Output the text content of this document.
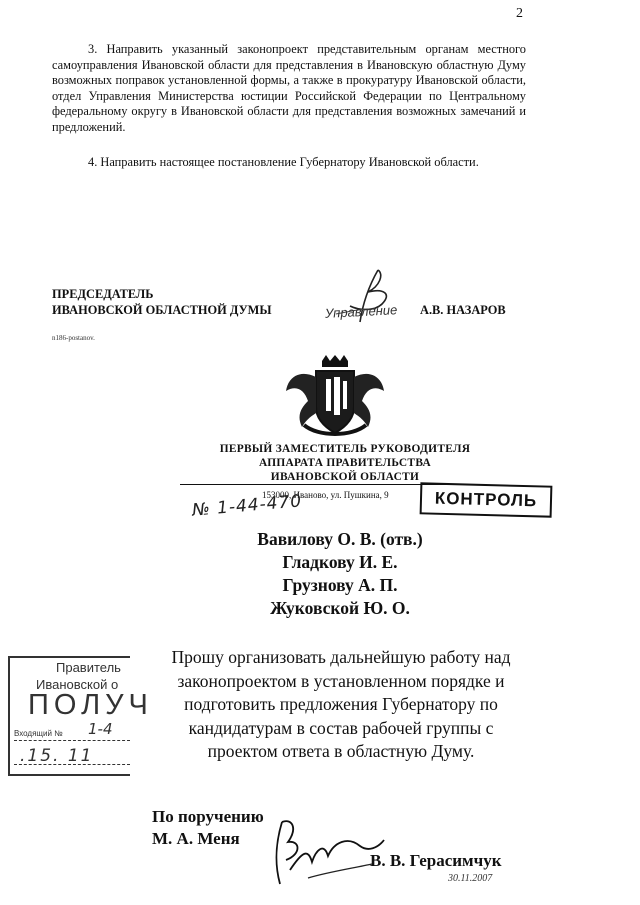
2
3. Направить указанный законопроект представительным органам местного самоуправления Ивановской области для представления в Ивановскую областную Думу возможных поправок установленной формы, а также в прокуратуру Ивановской области, отдел Управления Министерства юстиции Российской Федерации по Центральному федеральному округу в Ивановской области для представления возможных замечаний и предложений.
4. Направить настоящее постановление Губернатору Ивановской области.
ПРЕДСЕДАТЕЛЬ
ИВАНОВСКОЙ ОБЛАСТНОЙ ДУМЫ	Управление А.В. НАЗАРОВ
n186-postanov.
ПЕРВЫЙ ЗАМЕСТИТЕЛЬ РУКОВОДИТЕЛЯ
АППАРАТА ПРАВИТЕЛЬСТВА
ИВАНОВСКОЙ ОБЛАСТИ
153000, Иваново, ул. Пушкина, 9	КОНТРОЛЬ
№ 1-44-470
Вавилову О. В. (отв.)
Гладкову И. Е.
Грузнову А. П.
Жуковской Ю. О.
Правитель
Ивановской о
ПОЛУЧ
Входящий № 1-4
.15. 11
Прошу организовать дальнейшую работу над законопроектом в установленном порядке и подготовить предложения Губернатору по кандидатурам в состав рабочей группы с проектом ответа в областную Думу.
По поручению
М. А. Меня
В. В. Герасимчук
30.11.2007
